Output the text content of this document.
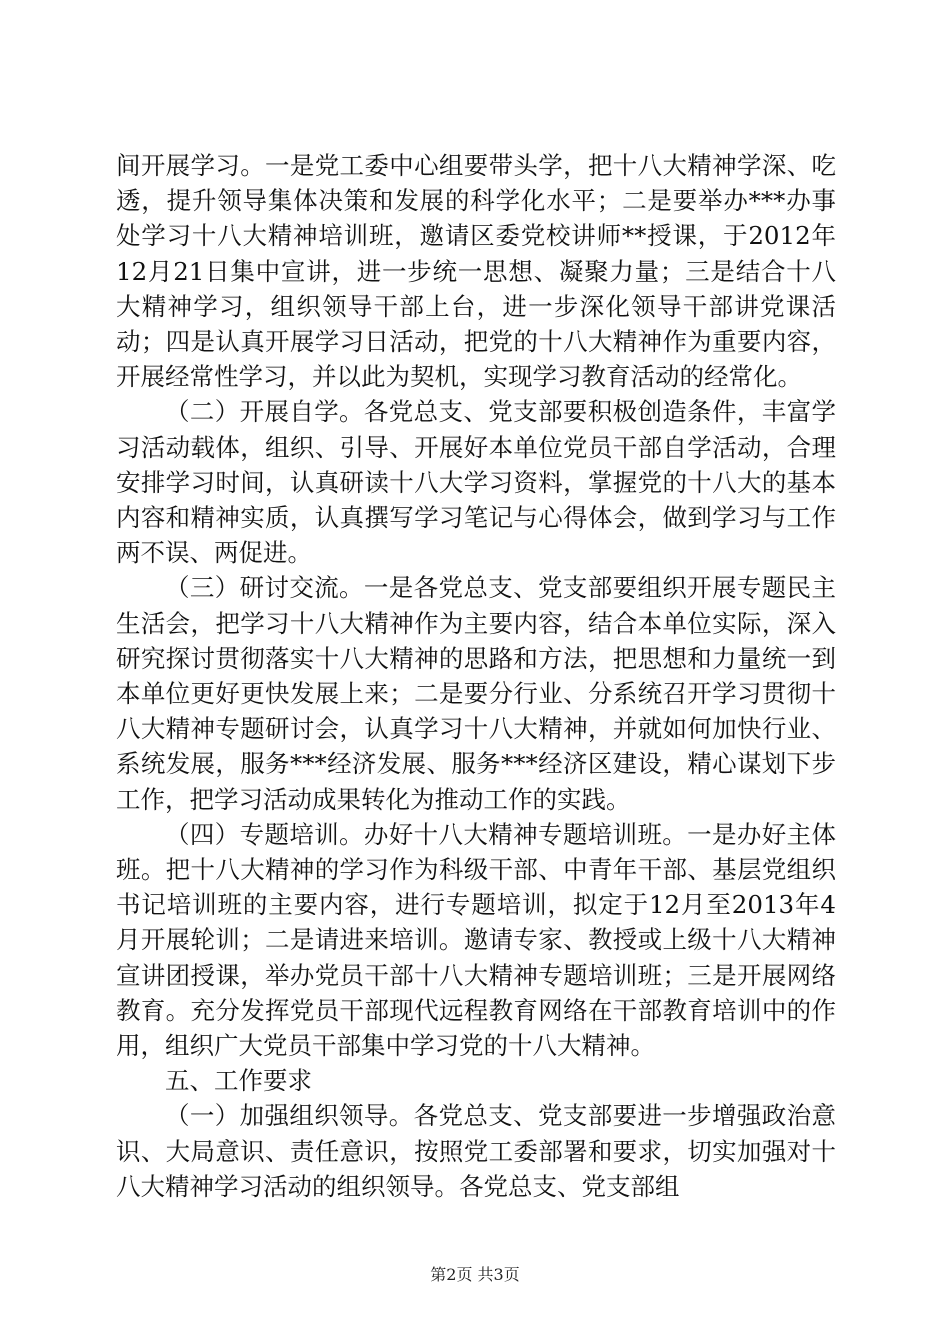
间开展学习。一是党工委中心组要带头学，把十八大精神学深、吃透，提升领导集体决策和发展的科学化水平；二是要举办***办事处学习十八大精神培训班，邀请区委党校讲师**授课，于2012年12月21日集中宣讲，进一步统一思想、凝聚力量；三是结合十八大精神学习，组织领导干部上台，进一步深化领导干部讲党课活动；四是认真开展学习日活动，把党的十八大精神作为重要内容，开展经常性学习，并以此为契机，实现学习教育活动的经常化。

（二）开展自学。各党总支、党支部要积极创造条件，丰富学习活动载体，组织、引导、开展好本单位党员干部自学活动，合理安排学习时间，认真研读十八大学习资料，掌握党的十八大的基本内容和精神实质，认真撰写学习笔记与心得体会，做到学习与工作两不误、两促进。

（三）研讨交流。一是各党总支、党支部要组织开展专题民主生活会，把学习十八大精神作为主要内容，结合本单位实际，深入研究探讨贯彻落实十八大精神的思路和方法，把思想和力量统一到本单位更好更快发展上来；二是要分行业、分系统召开学习贯彻十八大精神专题研讨会，认真学习十八大精神，并就如何加快行业、系统发展，服务***经济发展、服务***经济区建设，精心谋划下步工作，把学习活动成果转化为推动工作的实践。

（四）专题培训。办好十八大精神专题培训班。一是办好主体班。把十八大精神的学习作为科级干部、中青年干部、基层党组织书记培训班的主要内容，进行专题培训，拟定于12月至2013年4月开展轮训；二是请进来培训。邀请专家、教授或上级十八大精神宣讲团授课，举办党员干部十八大精神专题培训班；三是开展网络教育。充分发挥党员干部现代远程教育网络在干部教育培训中的作用，组织广大党员干部集中学习党的十八大精神。

五、工作要求

（一）加强组织领导。各党总支、党支部要进一步增强政治意识、大局意识、责任意识，按照党工委部署和要求，切实加强对十八大精神学习活动的组织领导。各党总支、党支部组

第2页 共3页
